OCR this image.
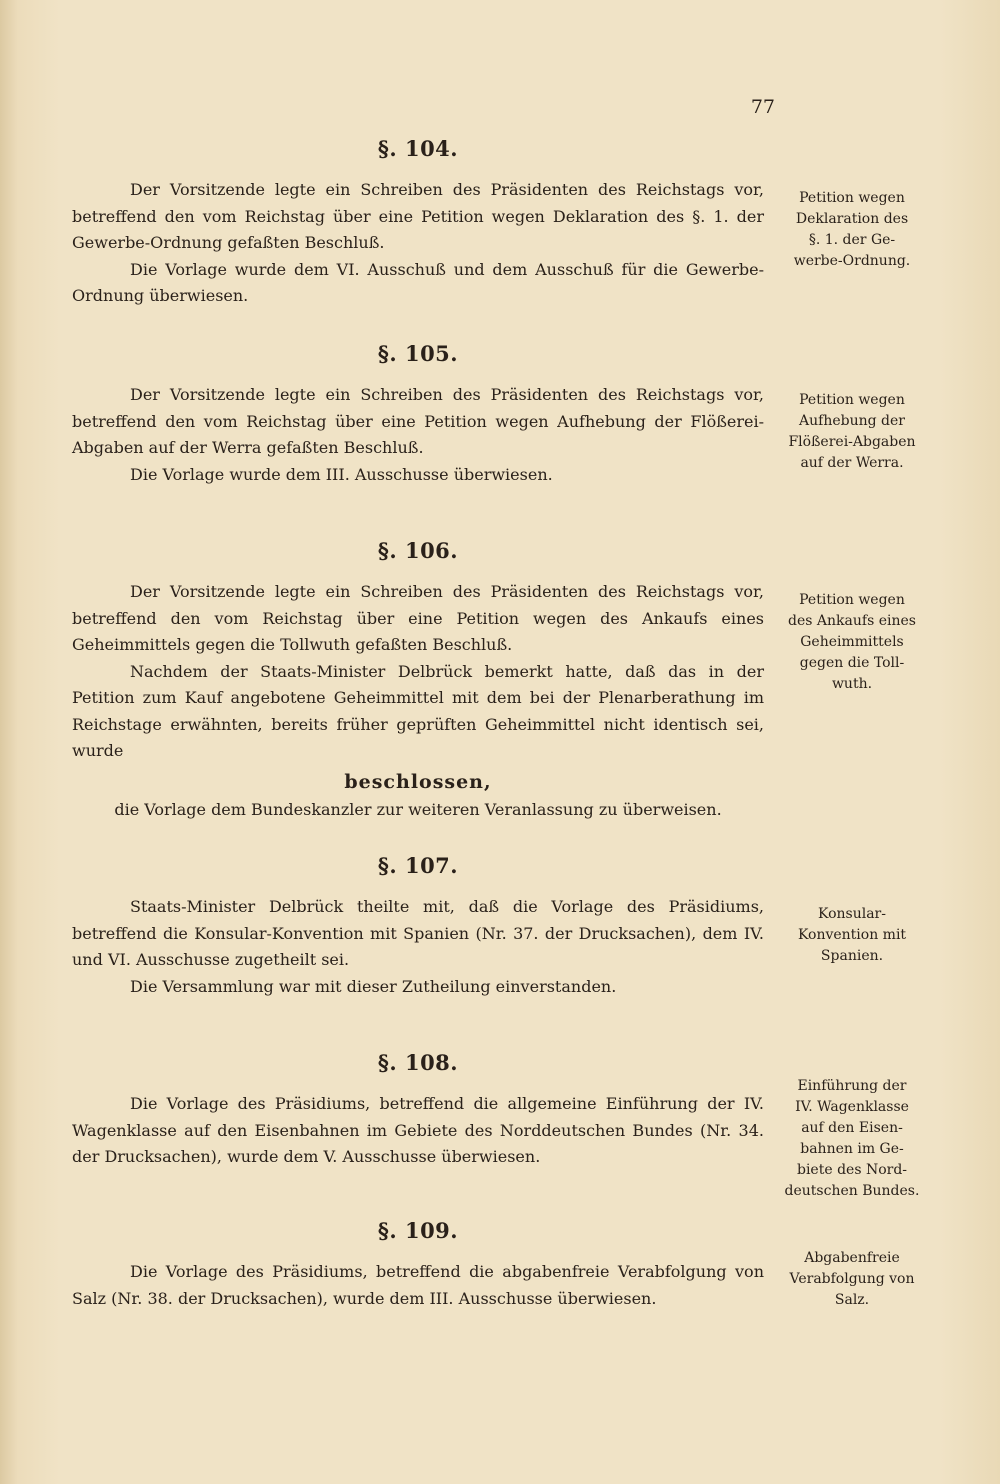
77
§. 104.

Der Vorsitzende legte ein Schreiben des Präsidenten des Reichstags vor, betreffend den vom Reichstag über eine Petition wegen Deklaration des §. 1. der Gewerbe-Ordnung gefaßten Beschluß.

Die Vorlage wurde dem VI. Ausschuß und dem Ausschuß für die Gewerbe-Ordnung überwiesen.

Petition wegen
Deklaration des
§. 1. der Ge-
werbe-Ordnung.
§. 105.

Der Vorsitzende legte ein Schreiben des Präsidenten des Reichstags vor, betreffend den vom Reichstag über eine Petition wegen Aufhebung der Flößerei-Abgaben auf der Werra gefaßten Beschluß.

Die Vorlage wurde dem III. Ausschusse überwiesen.

Petition wegen
Aufhebung der
Flößerei-Abgaben
auf der Werra.
§. 106.

Der Vorsitzende legte ein Schreiben des Präsidenten des Reichstags vor, betreffend den vom Reichstag über eine Petition wegen des Ankaufs eines Geheimmittels gegen die Tollwuth gefaßten Beschluß.

Nachdem der Staats-Minister Delbrück bemerkt hatte, daß das in der Petition zum Kauf angebotene Geheimmittel mit dem bei der Plenarberathung im Reichstage erwähnten, bereits früher geprüften Geheimmittel nicht identisch sei, wurde

beschlossen,

die Vorlage dem Bundeskanzler zur weiteren Veranlassung zu überweisen.

Petition wegen
des Ankaufs eines
Geheimmittels
gegen die Toll-
wuth.
§. 107.

Staats-Minister Delbrück theilte mit, daß die Vorlage des Präsidiums, betreffend die Konsular-Konvention mit Spanien (Nr. 37. der Drucksachen), dem IV. und VI. Ausschusse zugetheilt sei.

Die Versammlung war mit dieser Zutheilung einverstanden.

Konsular-
Konvention mit
Spanien.
§. 108.

Die Vorlage des Präsidiums, betreffend die allgemeine Einführung der IV. Wagenklasse auf den Eisenbahnen im Gebiete des Norddeutschen Bundes (Nr. 34. der Drucksachen), wurde dem V. Ausschusse überwiesen.

Einführung der
IV. Wagenklasse
auf den Eisen-
bahnen im Ge-
biete des Nord-
deutschen Bundes.
§. 109.

Die Vorlage des Präsidiums, betreffend die abgabenfreie Verabfolgung von Salz (Nr. 38. der Drucksachen), wurde dem III. Ausschusse überwiesen.

Abgabenfreie
Verabfolgung von
Salz.
